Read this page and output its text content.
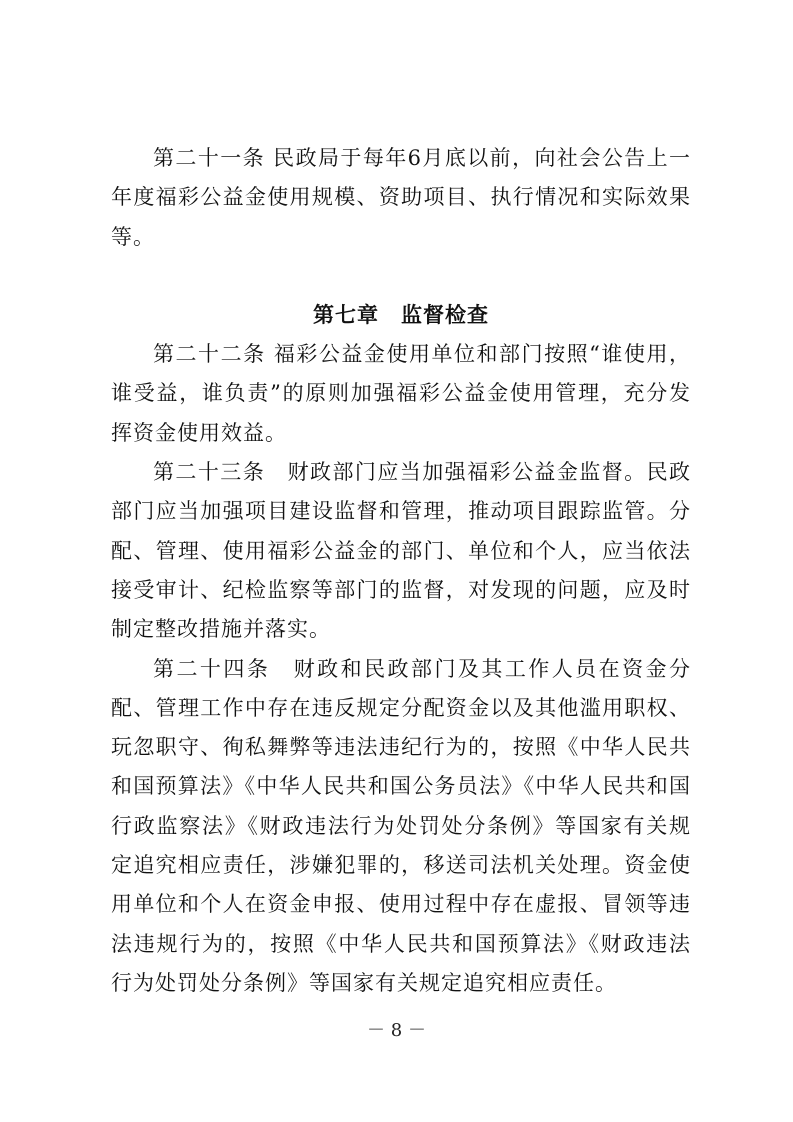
第二十一条 民政局于每年6月底以前，向社会公告上一年度福彩公益金使用规模、资助项目、执行情况和实际效果等。

第七章　监督检查

第二十二条 福彩公益金使用单位和部门按照“谁使用，谁受益，谁负责”的原则加强福彩公益金使用管理，充分发挥资金使用效益。

第二十三条　财政部门应当加强福彩公益金监督。民政部门应当加强项目建设监督和管理，推动项目跟踪监管。分配、管理、使用福彩公益金的部门、单位和个人，应当依法接受审计、纪检监察等部门的监督，对发现的问题，应及时制定整改措施并落实。

第二十四条　财政和民政部门及其工作人员在资金分配、管理工作中存在违反规定分配资金以及其他滥用职权、玩忽职守、徇私舞弊等违法违纪行为的，按照《中华人民共和国预算法》《中华人民共和国公务员法》《中华人民共和国行政监察法》《财政违法行为处罚处分条例》等国家有关规定追究相应责任，涉嫌犯罪的，移送司法机关处理。资金使用单位和个人在资金申报、使用过程中存在虚报、冒领等违法违规行为的，按照《中华人民共和国预算法》《财政违法行为处罚处分条例》等国家有关规定追究相应责任。

－ 8 －
